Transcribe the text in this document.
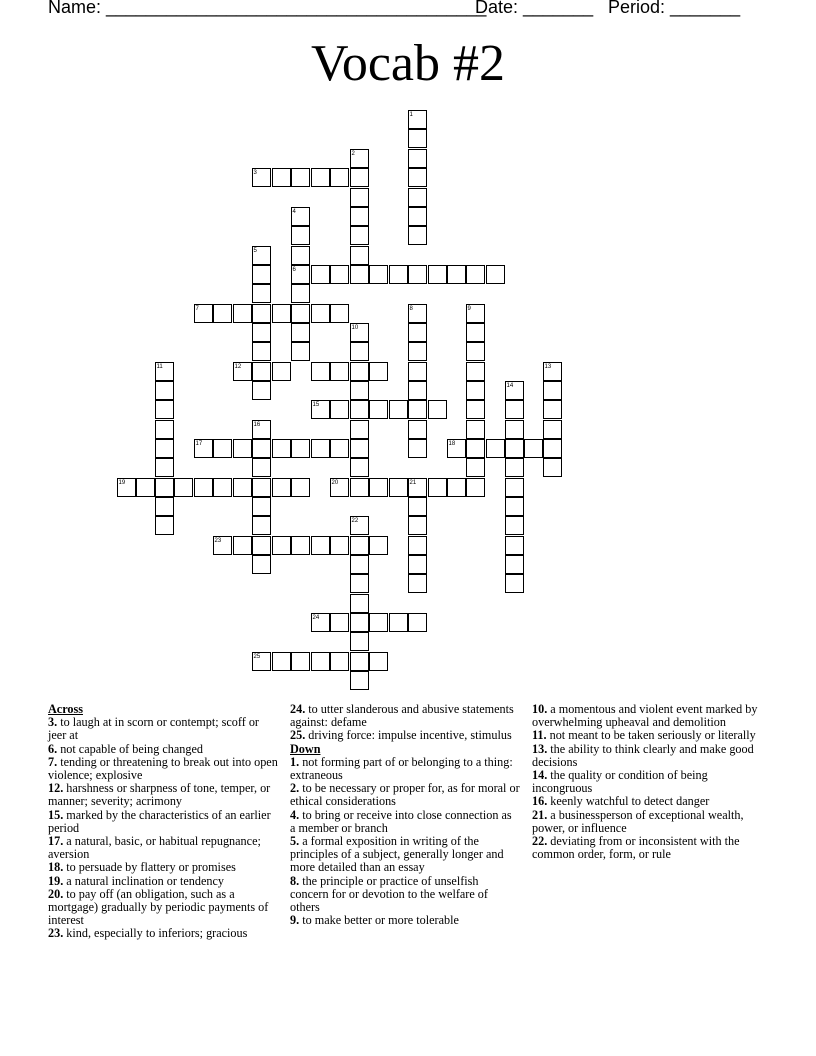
Name: ______________________________________
Date: _______ Period: _______
Vocab #2
1
2
3
4
5
6
7	8	9
10
11	12	13
14
15
16
17	18
19	20	21
22
23
24
25

Across

3. to laugh at in scorn or contempt; scoff or jeer at

6. not capable of being changed

7. tending or threatening to break out into open violence; explosive

12. harshness or sharpness of tone, temper, or manner; severity; acrimony

15. marked by the characteristics of an earlier period

17. a natural, basic, or habitual repugnance; aversion

18. to persuade by flattery or promises

19. a natural inclination or tendency

20. to pay off (an obligation, such as a mortgage) gradually by periodic payments of interest

23. kind, especially to inferiors; gracious

24. to utter slanderous and abusive statements against: defame

25. driving force: impulse incentive, stimulus

Down

1. not forming part of or belonging to a thing: extraneous

2. to be necessary or proper for, as for moral or ethical considerations

4. to bring or receive into close connection as a member or branch

5. a formal exposition in writing of the principles of a subject, generally longer and more detailed than an essay

8. the principle or practice of unselfish concern for or devotion to the welfare of others

9. to make better or more tolerable

10. a momentous and violent event marked by overwhelming upheaval and demolition

11. not meant to be taken seriously or literally

13. the ability to think clearly and make good decisions

14. the quality or condition of being incongruous

16. keenly watchful to detect danger

21. a businessperson of exceptional wealth, power, or influence

22. deviating from or inconsistent with the common order, form, or rule
